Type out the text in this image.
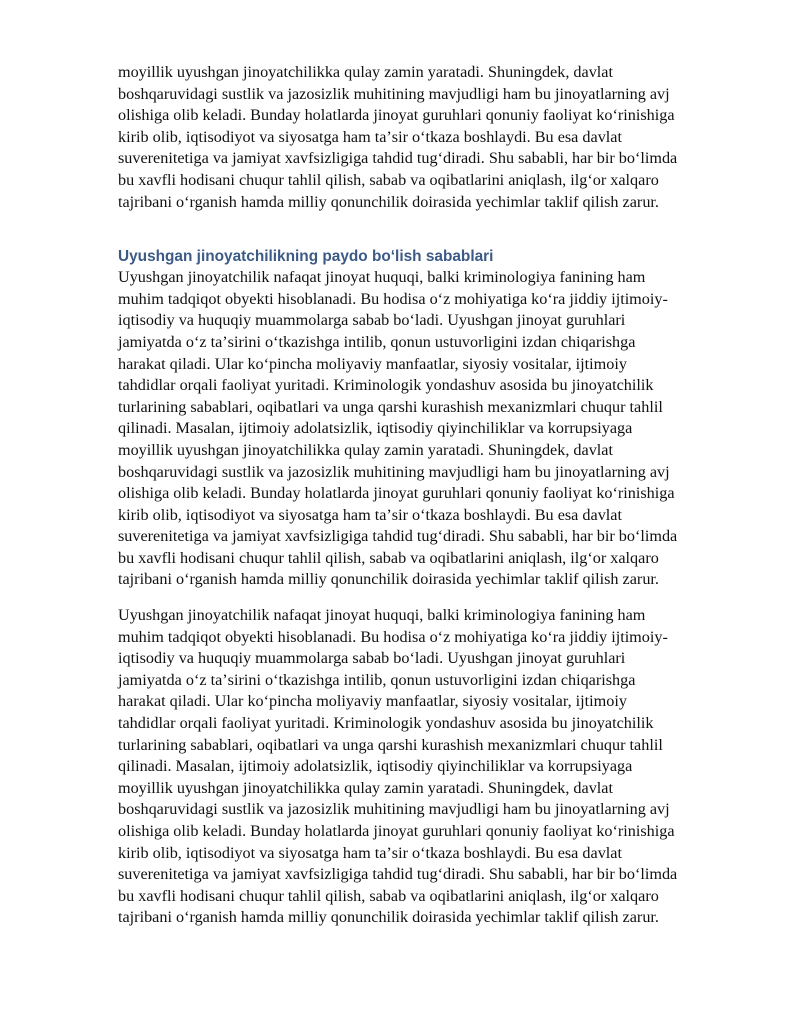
moyillik uyushgan jinoyatchilikka qulay zamin yaratadi. Shuningdek, davlat
boshqaruvidagi sustlik va jazosizlik muhitining mavjudligi ham bu jinoyatlarning avj
olishiga olib keladi. Bunday holatlarda jinoyat guruhlari qonuniy faoliyat koʻrinishiga
kirib olib, iqtisodiyot va siyosatga ham taʼsir oʻtkaza boshlaydi. Bu esa davlat
suverenitetiga va jamiyat xavfsizligiga tahdid tugʻdiradi. Shu sababli, har bir boʻlimda
bu xavfli hodisani chuqur tahlil qilish, sabab va oqibatlarini aniqlash, ilgʻor xalqaro
tajribani oʻrganish hamda milliy qonunchilik doirasida yechimlar taklif qilish zarur.

Uyushgan jinoyatchilikning paydo boʻlish sabablari

Uyushgan jinoyatchilik nafaqat jinoyat huquqi, balki kriminologiya fanining ham
muhim tadqiqot obyekti hisoblanadi. Bu hodisa oʻz mohiyatiga koʻra jiddiy ijtimoiy-
iqtisodiy va huquqiy muammolarga sabab boʻladi. Uyushgan jinoyat guruhlari
jamiyatda oʻz taʼsirini oʻtkazishga intilib, qonun ustuvorligini izdan chiqarishga
harakat qiladi. Ular koʻpincha moliyaviy manfaatlar, siyosiy vositalar, ijtimoiy
tahdidlar orqali faoliyat yuritadi. Kriminologik yondashuv asosida bu jinoyatchilik
turlarining sabablari, oqibatlari va unga qarshi kurashish mexanizmlari chuqur tahlil
qilinadi. Masalan, ijtimoiy adolatsizlik, iqtisodiy qiyinchiliklar va korrupsiyaga
moyillik uyushgan jinoyatchilikka qulay zamin yaratadi. Shuningdek, davlat
boshqaruvidagi sustlik va jazosizlik muhitining mavjudligi ham bu jinoyatlarning avj
olishiga olib keladi. Bunday holatlarda jinoyat guruhlari qonuniy faoliyat koʻrinishiga
kirib olib, iqtisodiyot va siyosatga ham taʼsir oʻtkaza boshlaydi. Bu esa davlat
suverenitetiga va jamiyat xavfsizligiga tahdid tugʻdiradi. Shu sababli, har bir boʻlimda
bu xavfli hodisani chuqur tahlil qilish, sabab va oqibatlarini aniqlash, ilgʻor xalqaro
tajribani oʻrganish hamda milliy qonunchilik doirasida yechimlar taklif qilish zarur.

Uyushgan jinoyatchilik nafaqat jinoyat huquqi, balki kriminologiya fanining ham
muhim tadqiqot obyekti hisoblanadi. Bu hodisa oʻz mohiyatiga koʻra jiddiy ijtimoiy-
iqtisodiy va huquqiy muammolarga sabab boʻladi. Uyushgan jinoyat guruhlari
jamiyatda oʻz taʼsirini oʻtkazishga intilib, qonun ustuvorligini izdan chiqarishga
harakat qiladi. Ular koʻpincha moliyaviy manfaatlar, siyosiy vositalar, ijtimoiy
tahdidlar orqali faoliyat yuritadi. Kriminologik yondashuv asosida bu jinoyatchilik
turlarining sabablari, oqibatlari va unga qarshi kurashish mexanizmlari chuqur tahlil
qilinadi. Masalan, ijtimoiy adolatsizlik, iqtisodiy qiyinchiliklar va korrupsiyaga
moyillik uyushgan jinoyatchilikka qulay zamin yaratadi. Shuningdek, davlat
boshqaruvidagi sustlik va jazosizlik muhitining mavjudligi ham bu jinoyatlarning avj
olishiga olib keladi. Bunday holatlarda jinoyat guruhlari qonuniy faoliyat koʻrinishiga
kirib olib, iqtisodiyot va siyosatga ham taʼsir oʻtkaza boshlaydi. Bu esa davlat
suverenitetiga va jamiyat xavfsizligiga tahdid tugʻdiradi. Shu sababli, har bir boʻlimda
bu xavfli hodisani chuqur tahlil qilish, sabab va oqibatlarini aniqlash, ilgʻor xalqaro
tajribani oʻrganish hamda milliy qonunchilik doirasida yechimlar taklif qilish zarur.
